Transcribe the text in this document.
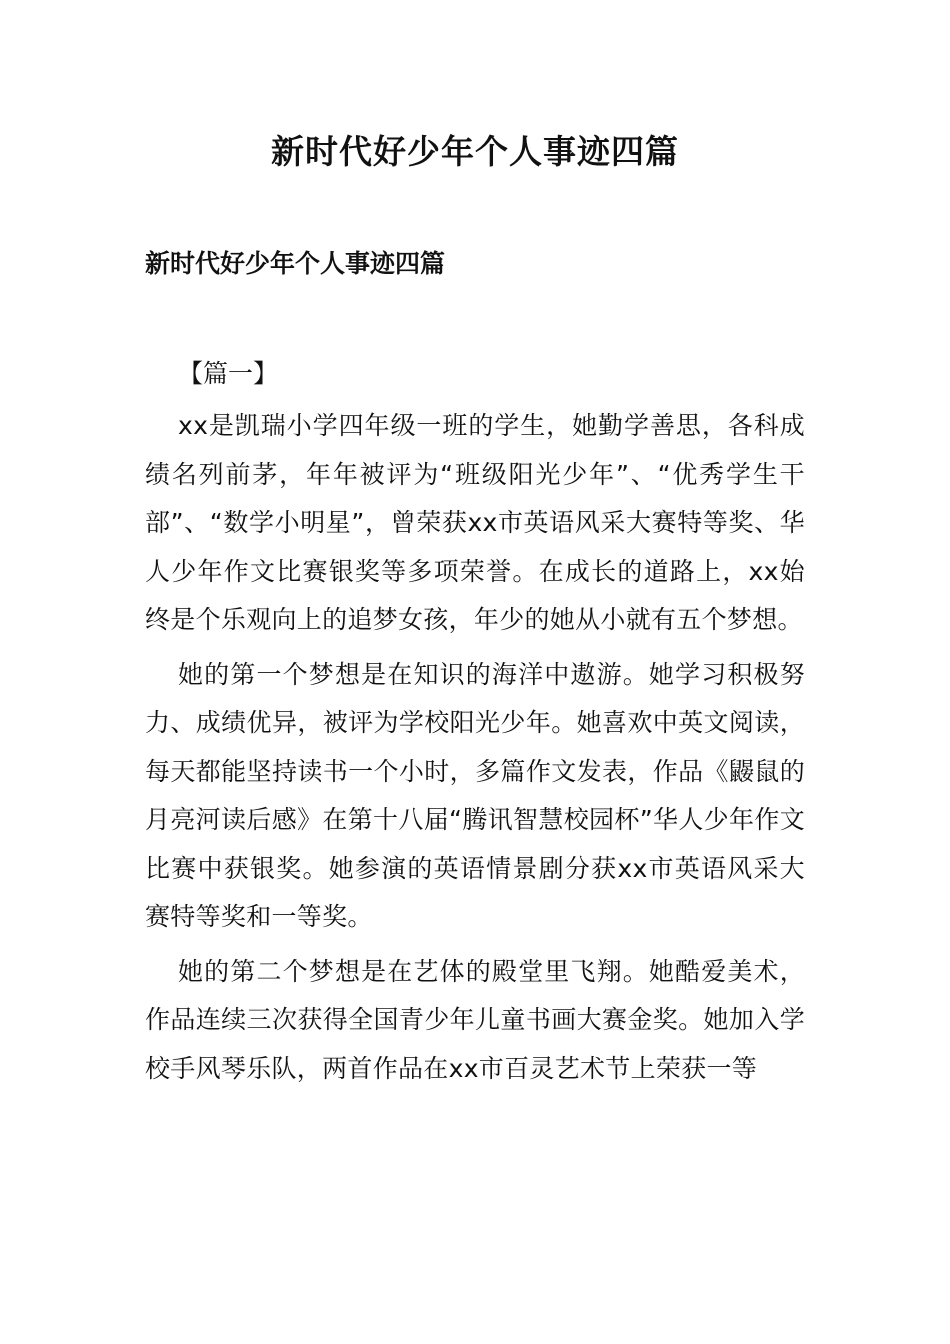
新时代好少年个人事迹四篇
新时代好少年个人事迹四篇

【篇一】

xx是凯瑞小学四年级一班的学生，她勤学善思，各科成绩名列前茅，年年被评为“班级阳光少年”、“优秀学生干部”、“数学小明星”，曾荣获xx市英语风采大赛特等奖、华人少年作文比赛银奖等多项荣誉。在成长的道路上，xx始终是个乐观向上的追梦女孩，年少的她从小就有五个梦想。

她的第一个梦想是在知识的海洋中遨游。她学习积极努力、成绩优异，被评为学校阳光少年。她喜欢中英文阅读，每天都能坚持读书一个小时，多篇作文发表，作品《鼹鼠的月亮河读后感》在第十八届“腾讯智慧校园杯”华人少年作文比赛中获银奖。她参演的英语情景剧分获xx市英语风采大赛特等奖和一等奖。

她的第二个梦想是在艺体的殿堂里飞翔。她酷爱美术，作品连续三次获得全国青少年儿童书画大赛金奖。她加入学校手风琴乐队，两首作品在xx市百灵艺术节上荣获一等
